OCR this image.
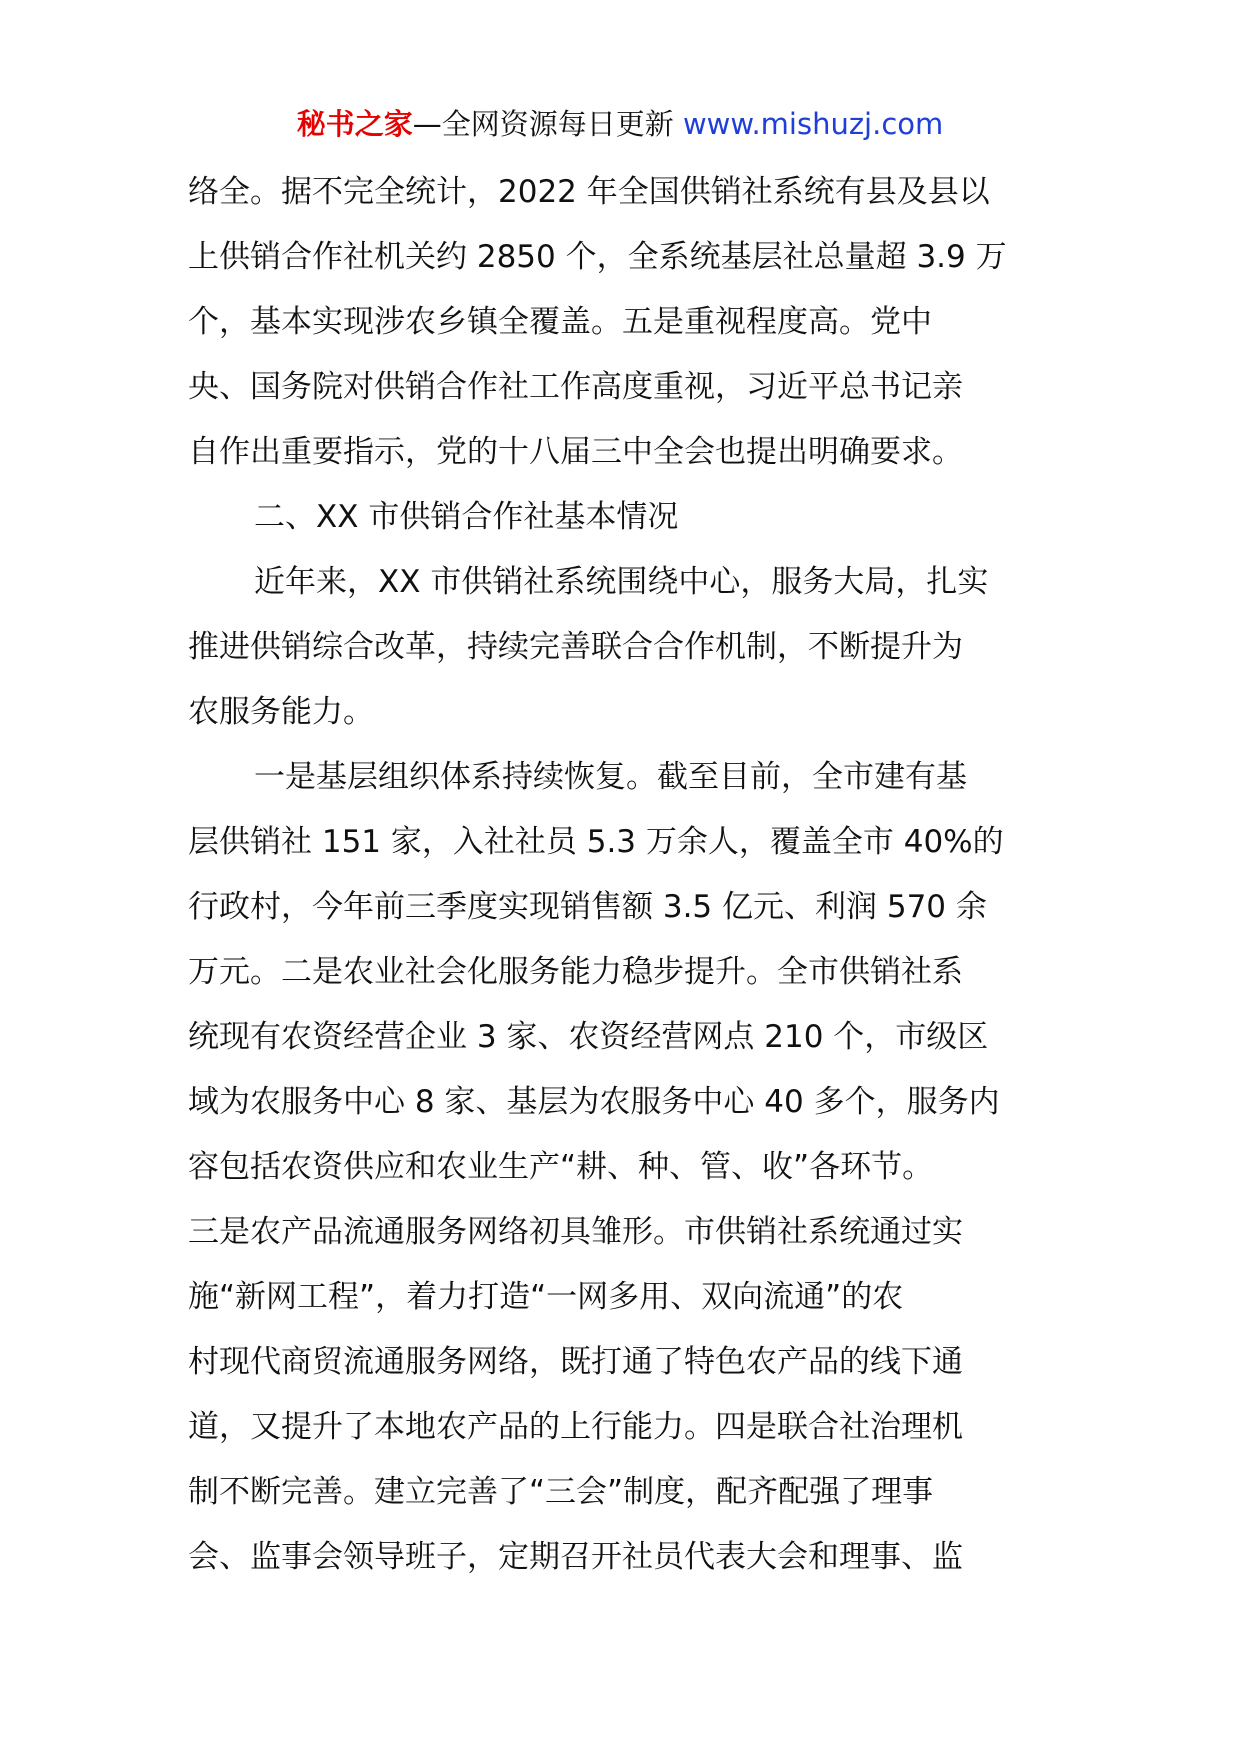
秘书之家—全网资源每日更新 www.mishuzj.com
络全。据不完全统计，2022 年全国供销社系统有县及县以
上供销合作社机关约 2850 个，全系统基层社总量超 3.9 万
个，基本实现涉农乡镇全覆盖。五是重视程度高。党中
央、国务院对供销合作社工作高度重视，习近平总书记亲
自作出重要指示，党的十八届三中全会也提出明确要求。
二、XX 市供销合作社基本情况
近年来，XX 市供销社系统围绕中心，服务大局，扎实
推进供销综合改革，持续完善联合合作机制，不断提升为
农服务能力。
一是基层组织体系持续恢复。截至目前，全市建有基
层供销社 151 家，入社社员 5.3 万余人，覆盖全市 40%的
行政村，今年前三季度实现销售额 3.5 亿元、利润 570 余
万元。二是农业社会化服务能力稳步提升。全市供销社系
统现有农资经营企业 3 家、农资经营网点 210 个，市级区
域为农服务中心 8 家、基层为农服务中心 40 多个，服务内
容包括农资供应和农业生产“耕、种、管、收”各环节。
三是农产品流通服务网络初具雏形。市供销社系统通过实
施“新网工程”，着力打造“一网多用、双向流通”的农
村现代商贸流通服务网络，既打通了特色农产品的线下通
道，又提升了本地农产品的上行能力。四是联合社治理机
制不断完善。建立完善了“三会”制度，配齐配强了理事
会、监事会领导班子，定期召开社员代表大会和理事、监
